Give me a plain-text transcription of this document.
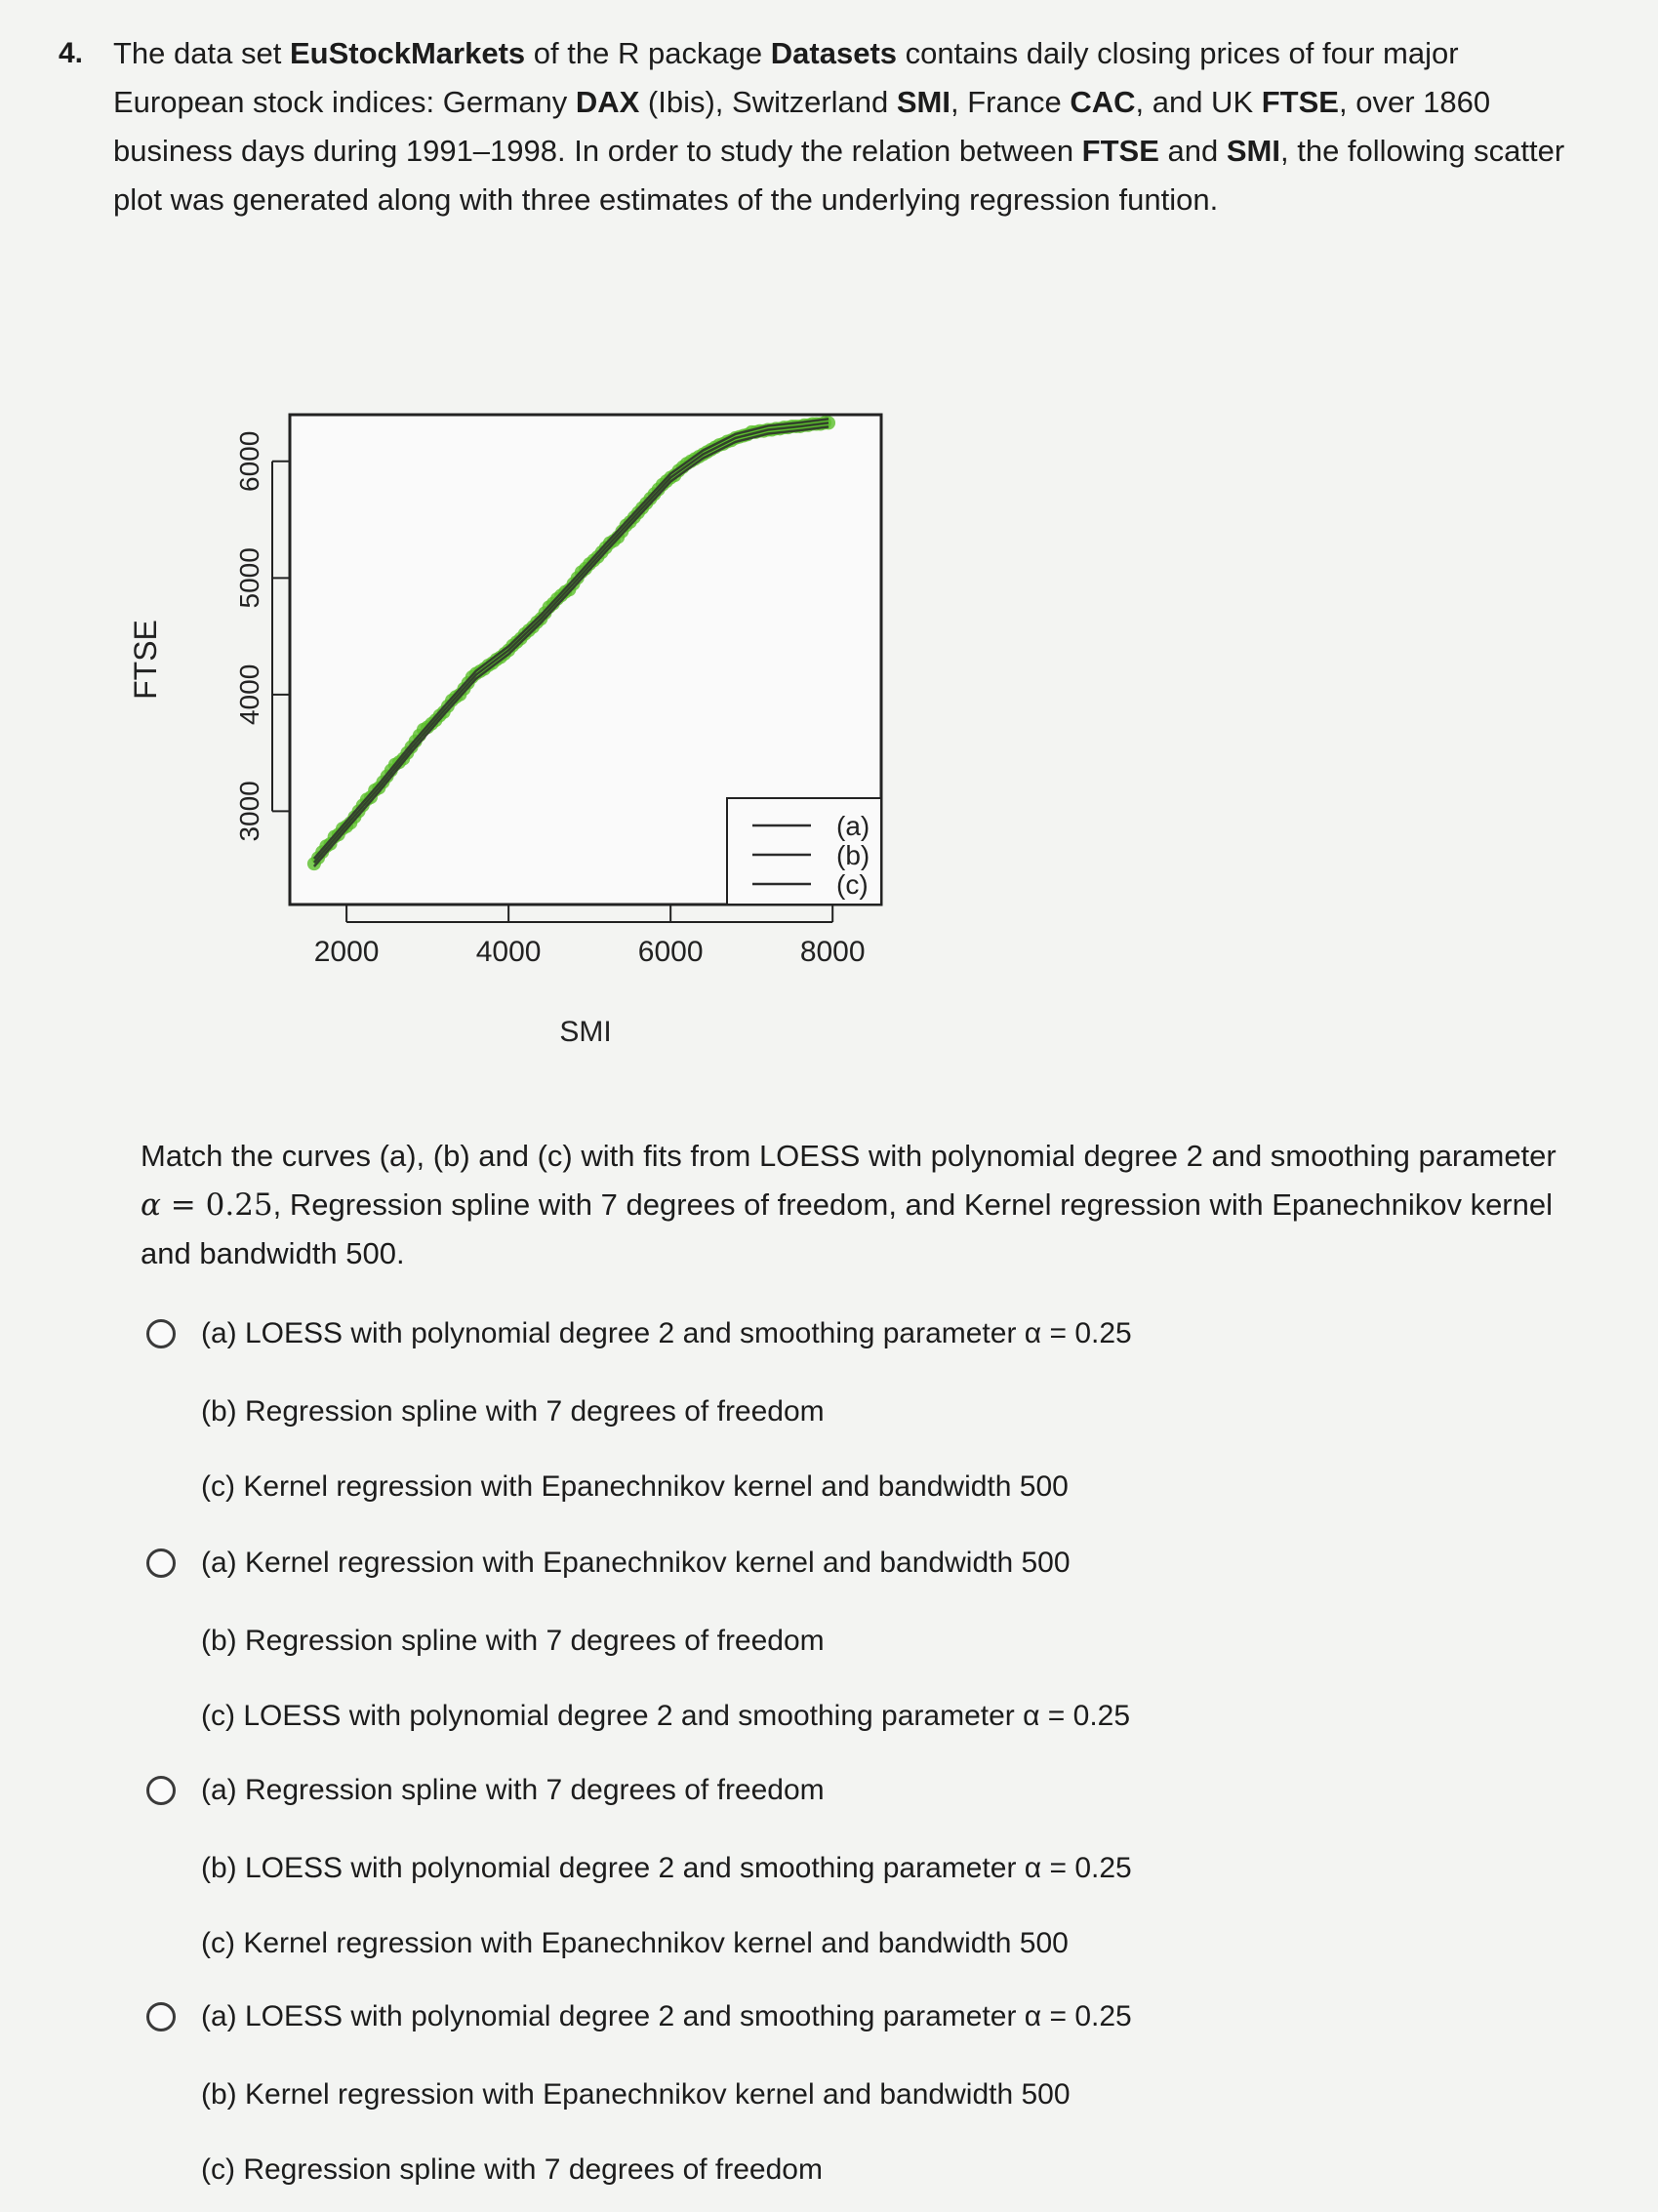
4. The data set EuStockMarkets of the R package Datasets contains daily closing prices of four major European stock indices: Germany DAX (Ibis), Switzerland SMI, France CAC, and UK FTSE, over 1860 business days during 1991–1998. In order to study the relation between FTSE and SMI, the following scatter plot was generated along with three estimates of the underlying regression funtion.
3000
4000
5000
6000
2000	4000	6000	8000
SMI
FTSE
(a)
(b)
(c)
Match the curves (a), (b) and (c) with fits from LOESS with polynomial degree 2 and smoothing parameter α = 0.25, Regression spline with 7 degrees of freedom, and Kernel regression with Epanechnikov kernel and bandwidth 500.
(a) LOESS with polynomial degree 2 and smoothing parameter α = 0.25
(b) Regression spline with 7 degrees of freedom
(c) Kernel regression with Epanechnikov kernel and bandwidth 500
(a) Kernel regression with Epanechnikov kernel and bandwidth 500
(b) Regression spline with 7 degrees of freedom
(c) LOESS with polynomial degree 2 and smoothing parameter α = 0.25
(a) Regression spline with 7 degrees of freedom
(b) LOESS with polynomial degree 2 and smoothing parameter α = 0.25
(c) Kernel regression with Epanechnikov kernel and bandwidth 500
(a) LOESS with polynomial degree 2 and smoothing parameter α = 0.25
(b) Kernel regression with Epanechnikov kernel and bandwidth 500
(c) Regression spline with 7 degrees of freedom
